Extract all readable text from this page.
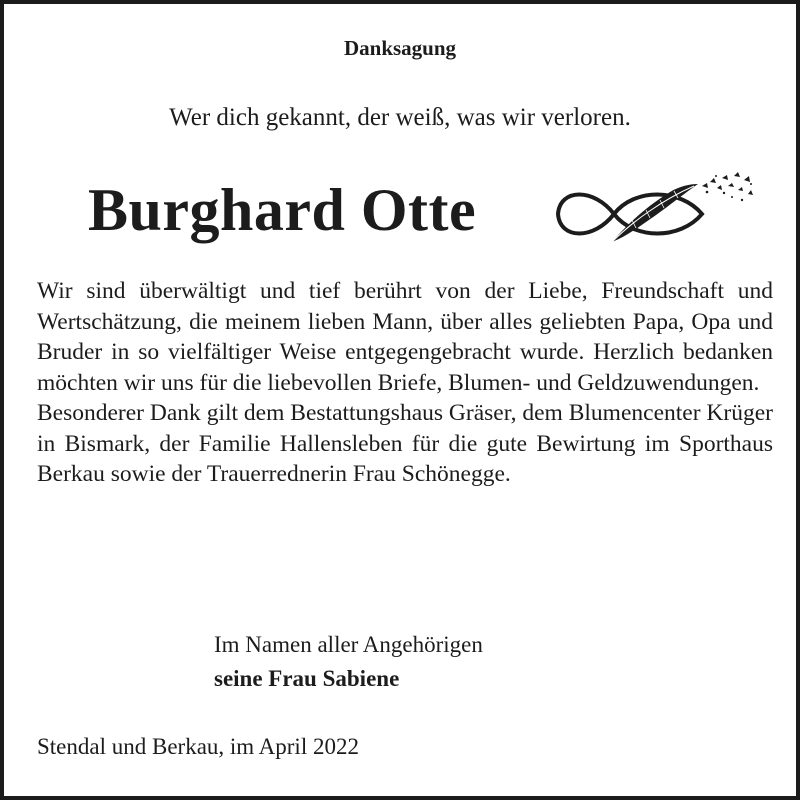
Danksagung
Wer dich gekannt, der weiß, was wir verloren.
Burghard Otte

Wir sind überwältigt und tief berührt von der Liebe, Freundschaft und Wertschätzung, die meinem lieben Mann, über alles geliebten Papa, Opa und Bruder in so vielfältiger Weise entgegengebracht wurde. Herzlich bedanken möchten wir uns für die liebevollen Briefe, Blumen- und Geldzuwendungen.

Besonderer Dank gilt dem Bestattungshaus Gräser, dem Blumencenter Krüger in Bismark, der Familie Hallensleben für die gute Bewirtung im Sporthaus Berkau sowie der Trauerrednerin Frau Schönegge.

Im Namen aller Angehörigen
seine Frau Sabiene
Stendal und Berkau, im April 2022
